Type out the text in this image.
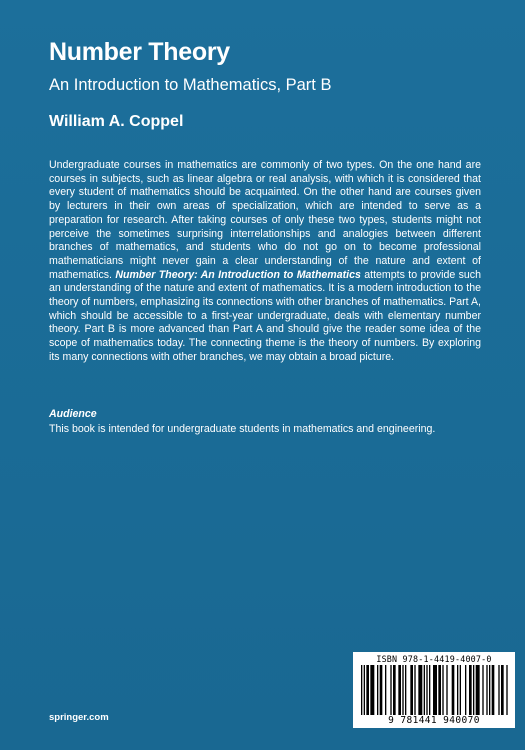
Number Theory
An Introduction to Mathematics, Part B
William A. Coppel

Undergraduate courses in mathematics are commonly of two types. On the one hand are courses in subjects, such as linear algebra or real analysis, with which it is considered that every student of mathematics should be acquainted. On the other hand are courses given by lecturers in their own areas of specialization, which are intended to serve as a preparation for research. After taking courses of only these two types, students might not perceive the sometimes surprising interrelationships and analogies between different branches of mathematics, and students who do not go on to become professional mathematicians might never gain a clear understanding of the nature and extent of mathematics. Number Theory: An Introduction to Mathematics attempts to provide such an understanding of the nature and extent of mathematics. It is a modern introduction to the theory of numbers, emphasizing its connections with other branches of mathematics. Part A, which should be accessible to a first-year undergraduate, deals with elementary number theory. Part B is more advanced than Part A and should give the reader some idea of the scope of mathematics today. The connecting theme is the theory of numbers. By exploring its many connections with other branches, we may obtain a broad picture.

Audience
This book is intended for undergraduate students in mathematics and engineering.
ISBN 978-1-4419-4007-0
9 781441 940070
springer.com
